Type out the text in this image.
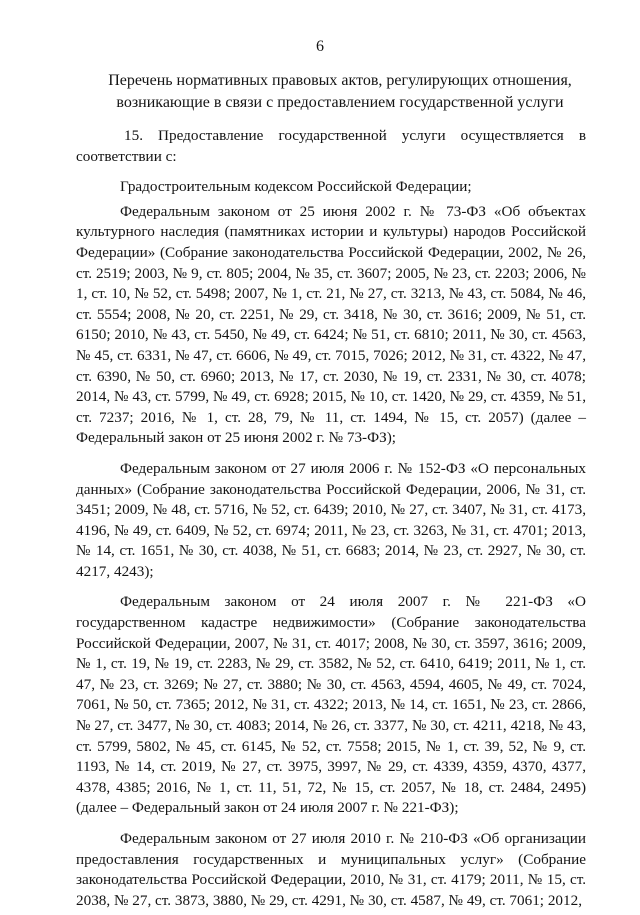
6
Перечень нормативных правовых актов, регулирующих отношения, возникающие в связи с предоставлением государственной услуги

15. Предоставление государственной услуги осуществляется в соответствии с:

Градостроительным кодексом Российской Федерации;

Федеральным законом от 25 июня 2002 г. № 73-ФЗ «Об объектах культурного наследия (памятниках истории и культуры) народов Российской Федерации» (Собрание законодательства Российской Федерации, 2002, № 26, ст. 2519; 2003, № 9, ст. 805; 2004, № 35, ст. 3607; 2005, № 23, ст. 2203; 2006, № 1, ст. 10, № 52, ст. 5498; 2007, № 1, ст. 21, № 27, ст. 3213, № 43, ст. 5084, № 46, ст. 5554; 2008, № 20, ст. 2251, № 29, ст. 3418, № 30, ст. 3616; 2009, № 51, ст. 6150; 2010, № 43, ст. 5450, № 49, ст. 6424; № 51, ст. 6810; 2011, № 30, ст. 4563, № 45, ст. 6331, № 47, ст. 6606, № 49, ст. 7015, 7026; 2012, № 31, ст. 4322, № 47, ст. 6390, № 50, ст. 6960; 2013, № 17, ст. 2030, № 19, ст. 2331, № 30, ст. 4078; 2014, № 43, ст. 5799, № 49, ст. 6928; 2015, № 10, ст. 1420, № 29, ст. 4359, № 51, ст. 7237; 2016, № 1, ст. 28, 79, № 11, ст. 1494, № 15, ст. 2057) (далее – Федеральный закон от 25 июня 2002 г. № 73-ФЗ);

Федеральным законом от 27 июля 2006 г. № 152-ФЗ «О персональных данных» (Собрание законодательства Российской Федерации, 2006, № 31, ст. 3451; 2009, № 48, ст. 5716, № 52, ст. 6439; 2010, № 27, ст. 3407, № 31, ст. 4173, 4196, № 49, ст. 6409, № 52, ст. 6974; 2011, № 23, ст. 3263, № 31, ст. 4701; 2013, № 14, ст. 1651, № 30, ст. 4038, № 51, ст. 6683; 2014, № 23, ст. 2927, № 30, ст. 4217, 4243);

Федеральным законом от 24 июля 2007 г. № 221-ФЗ «О государственном кадастре недвижимости» (Собрание законодательства Российской Федерации, 2007, № 31, ст. 4017; 2008, № 30, ст. 3597, 3616; 2009, № 1, ст. 19, № 19, ст. 2283, № 29, ст. 3582, № 52, ст. 6410, 6419; 2011, № 1, ст. 47, № 23, ст. 3269; № 27, ст. 3880; № 30, ст. 4563, 4594, 4605, № 49, ст. 7024, 7061, № 50, ст. 7365; 2012, № 31, ст. 4322; 2013, № 14, ст. 1651, № 23, ст. 2866, № 27, ст. 3477, № 30, ст. 4083; 2014, № 26, ст. 3377, № 30, ст. 4211, 4218, № 43, ст. 5799, 5802, № 45, ст. 6145, № 52, ст. 7558; 2015, № 1, ст. 39, 52, № 9, ст. 1193, № 14, ст. 2019, № 27, ст. 3975, 3997, № 29, ст. 4339, 4359, 4370, 4377, 4378, 4385; 2016, № 1, ст. 11, 51, 72, № 15, ст. 2057, № 18, ст. 2484, 2495) (далее – Федеральный закон от 24 июля 2007 г. № 221-ФЗ);

Федеральным законом от 27 июля 2010 г. № 210-ФЗ «Об организации предоставления государственных и муниципальных услуг» (Собрание законодательства Российской Федерации, 2010, № 31, ст. 4179; 2011, № 15, ст. 2038, № 27, ст. 3873, 3880, № 29, ст. 4291, № 30, ст. 4587, № 49, ст. 7061; 2012,
